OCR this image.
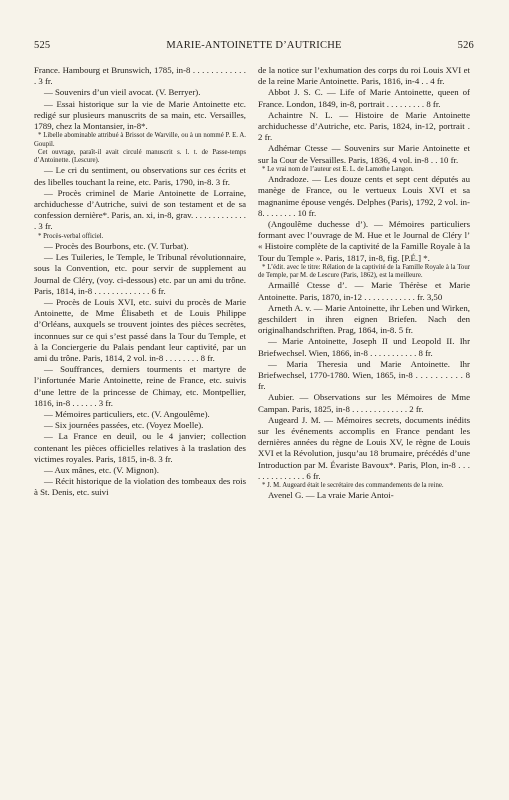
525	MARIE-ANTOINETTE D’AUTRICHE	526

France. Hambourg et Brunswich, 1785, in-8 . . . . . . . . . . . . . 3 fr.

— Souvenirs d’un vieil avocat. (V. Berryer).

— Essai historique sur la vie de Marie Antoinette etc. redigé sur plusieurs manuscrits de sa main, etc. Versailles, 1789, chez la Montansier, in-8*.

* Libelle abominable attribué à Brissot de Warville, ou à un nommé P. E. A. Goupil.

Cet ouvrage, paraît-il avait circulé manuscrit s. l. t. de Passe-temps d’Antoinette. (Lescure).

— Le cri du sentiment, ou observations sur ces écrits et des libelles touchant la reine, etc. Paris, 1790, in-8. 3 fr.

— Procès criminel de Marie Antoinette de Lorraine, archiduchesse d’Autriche, suivi de son testament et de sa confession dernière*. Paris, an. xi, in-8, grav. . . . . . . . . . . . . . 3 fr.

* Procès-verbal officiel.

— Procès des Bourbons, etc. (V. Turbat).

— Les Tuileries, le Temple, le Tribunal révolutionnaire, sous la Convention, etc. pour servir de supplement au Journal de Cléry, (voy. ci-dessous) etc. par un ami du trône. Paris, 1814, in-8 . . . . . . . . . . . . . 6 fr.

— Procès de Louis XVI, etc. suivi du procès de Marie Antoinette, de Mme Élisabeth et de Louis Philippe d’Orléans, auxquels se trouvent jointes des pièces secrètes, inconnues sur ce qui s’est passé dans la Tour du Temple, et à la Conciergerie du Palais pendant leur captivité, par un ami du trône. Paris, 1814, 2 vol. in-8 . . . . . . . . 8 fr.

— Souffrances, derniers tourments et martyre de l’infortunée Marie Antoinette, reine de France, etc. suivis d’une lettre de la princesse de Chimay, etc. Montpellier, 1816, in-8 . . . . . . 3 fr.

— Mémoires particuliers, etc. (V. Angoulême).

— Six journées passées, etc. (Voyez Moelle).

— La France en deuil, ou le 4 janvier; collection contenant les pièces officielles relatives à la traslation des victimes royales. Paris, 1815, in-8. 3 fr.

— Aux mânes, etc. (V. Mignon).

— Récit historique de la violation des tombeaux des rois à St. Denis, etc. suivi

de la notice sur l’exhumation des corps du roi Louis XVI et de la reine Marie Antoinette. Paris, 1816, in-4 . . 4 fr.

Abbot J. S. C. — Life of Marie Antoinette, queen of France. London, 1849, in-8, portrait . . . . . . . . . 8 fr.

Achaintre N. L. — Histoire de Marie Antoinette archiduchesse d’Autriche, etc. Paris, 1824, in-12, portrait . 2 fr.

Adhémar Ctesse — Souvenirs sur Marie Antoinette et sur la Cour de Versailles. Paris, 1836, 4 vol. in-8 . . 10 fr.

* Le vrai nom de l’auteur est E. L. de Lamothe Langon.

Andradoze. — Les douze cents et sept cent députés au manège de France, ou le vertueux Louis XVI et sa magnanime épouse vengés. Delphes (Paris), 1792, 2 vol. in-8. . . . . . . . 10 fr.

(Angoulême duchesse d’). — Mémoires particuliers formant avec l’ouvrage de M. Hue et le Journal de Cléry l’ « Histoire complète de la captivité de la Famille Royale à la Tour du Temple ». Paris, 1817, in-8, fig. [P.É.] *.

* L’édit. avec le titre: Rélation de la captivité de la Famille Royale à la Tour de Temple, par M. de Lescure (Paris, 1862), est la meilleure.

Armaillé Ctesse d’. — Marie Thérèse et Marie Antoinette. Paris, 1870, in-12 . . . . . . . . . . . . fr. 3,50

Arneth A. v. — Marie Antoinette, ihr Leben und Wirken, geschildert in ihren eignen Briefen. Nach den originalhandschriften. Prag, 1864, in-8. 5 fr.

— Marie Antoinette, Joseph II und Leopold II. Ihr Briefwechsel. Wien, 1866, in-8 . . . . . . . . . . . 8 fr.

— Maria Theresia und Marie Antoinette. Ihr Briefwechsel, 1770-1780. Wien, 1865, in-8 . . . . . . . . . . 8 fr.

Aubier. — Observations sur les Mémoires de Mme Campan. Paris, 1825, in-8 . . . . . . . . . . . . . 2 fr.

Augeard J. M. — Mémoires secrets, documents inédits sur les événements accomplis en France pendant les dernières années du règne de Louis XV, le règne de Louis XVI et la Révolution, jusqu’au 18 brumaire, précédés d’une Introduction par M. Évariste Bavoux*. Paris, Plon, in-8 . . . . . . . . . . . . . . 6 fr.

* J. M. Augeard était le secrétaire des commandements de la reine.

Avenel G. — La vraie Marie Antoi-
